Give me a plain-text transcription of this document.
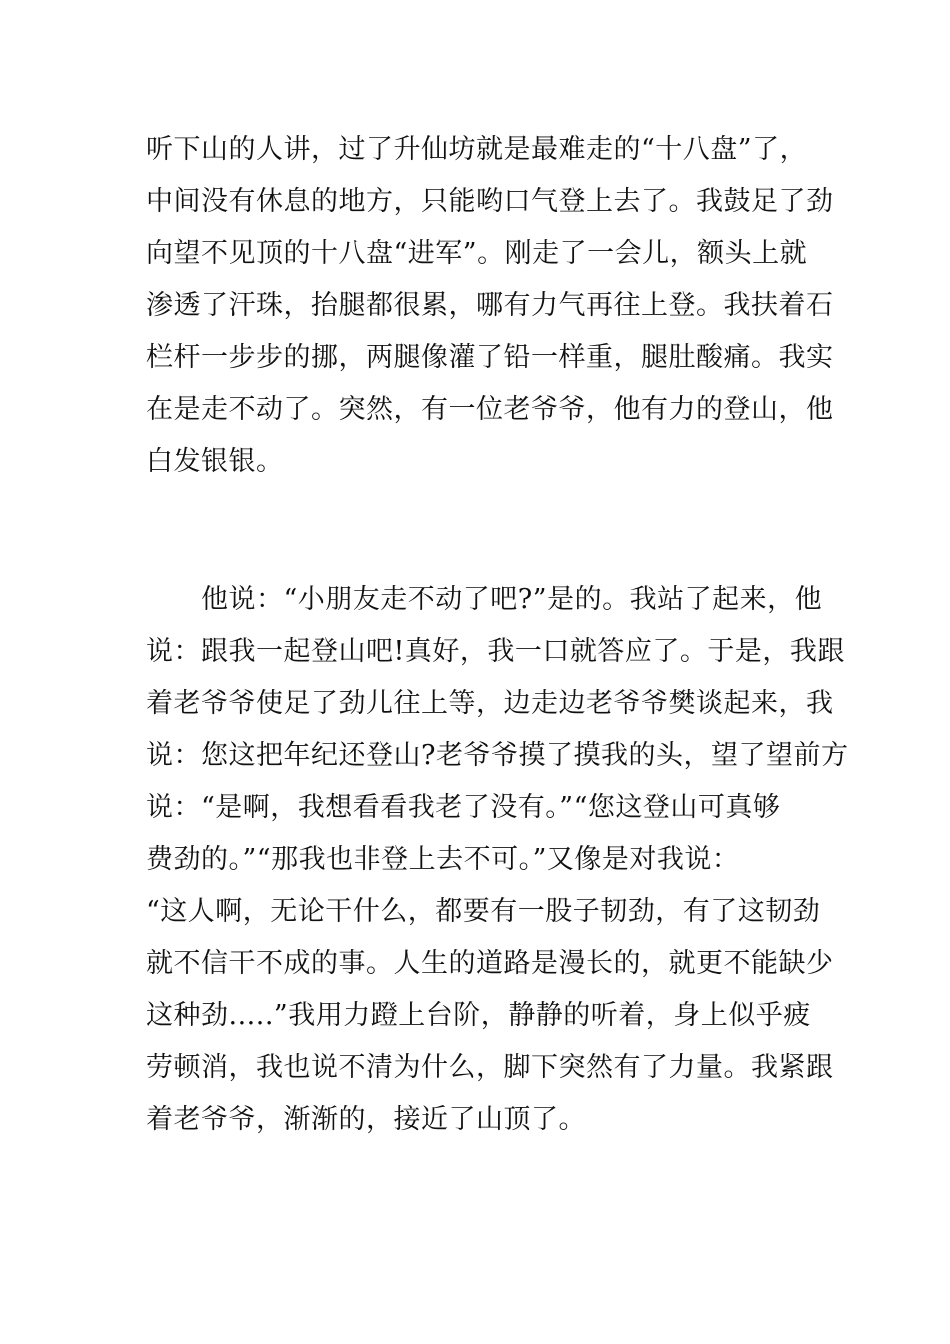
听下山的人讲，过了升仙坊就是最难走的“十八盘”了，
中间没有休息的地方，只能哟口气登上去了。我鼓足了劲
向望不见顶的十八盘“进军”。刚走了一会儿，额头上就
渗透了汗珠，抬腿都很累，哪有力气再往上登。我扶着石
栏杆一步步的挪，两腿像灌了铅一样重，腿肚酸痛。我实
在是走不动了。突然，有一位老爷爷，他有力的登山，他
白发银银。
　　他说：“小朋友走不动了吧?”是的。我站了起来，他
说：跟我一起登山吧!真好，我一口就答应了。于是，我跟
着老爷爷使足了劲儿往上等，边走边老爷爷樊谈起来，我
说：您这把年纪还登山?老爷爷摸了摸我的头，望了望前方
说：“是啊，我想看看我老了没有。”“您这登山可真够
费劲的。”“那我也非登上去不可。”又像是对我说：
“这人啊，无论干什么，都要有一股子韧劲，有了这韧劲
就不信干不成的事。人生的道路是漫长的，就更不能缺少
这种劲.....”我用力蹬上台阶，静静的听着，身上似乎疲
劳顿消，我也说不清为什么，脚下突然有了力量。我紧跟
着老爷爷，渐渐的，接近了山顶了。
